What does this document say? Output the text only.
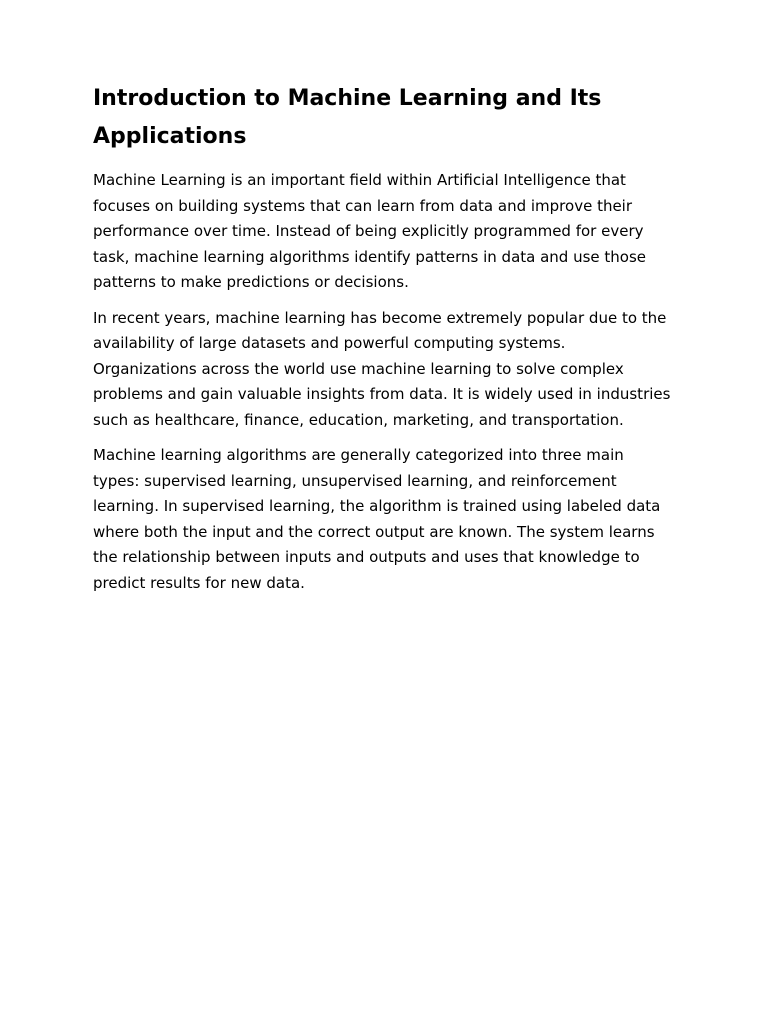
Introduction to Machine Learning and Its Applications

Machine Learning is an important field within Artificial Intelligence that focuses on building systems that can learn from data and improve their performance over time. Instead of being explicitly programmed for every task, machine learning algorithms identify patterns in data and use those patterns to make predictions or decisions.

In recent years, machine learning has become extremely popular due to the availability of large datasets and powerful computing systems. Organizations across the world use machine learning to solve complex problems and gain valuable insights from data. It is widely used in industries such as healthcare, finance, education, marketing, and transportation.

Machine learning algorithms are generally categorized into three main types: supervised learning, unsupervised learning, and reinforcement learning. In supervised learning, the algorithm is trained using labeled data where both the input and the correct output are known. The system learns the relationship between inputs and outputs and uses that knowledge to predict results for new data.
